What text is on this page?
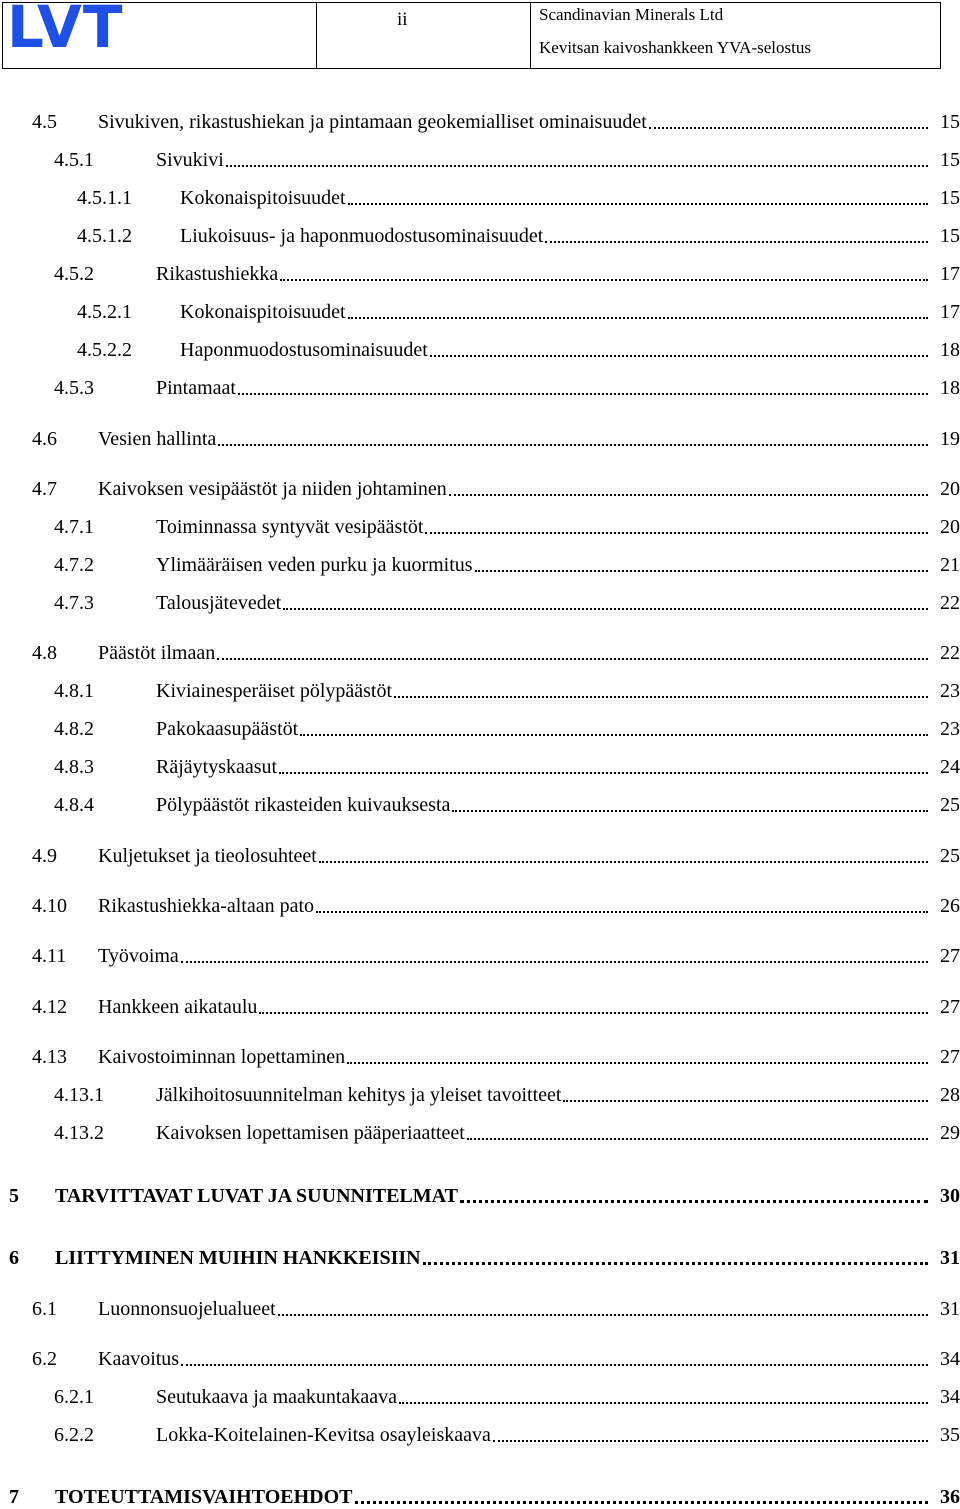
LVT	ii	Scandinavian Minerals Ltd
Kevitsan kaivoshankkeen YVA-selostus
4.5 Sivukiven, rikastushiekan ja pintamaan geokemialliset ominaisuudet	15
4.5.1	Sivukivi	15
4.5.1.1 Kokonaispitoisuudet	15
4.5.1.2 Liukoisuus- ja haponmuodostusominaisuudet	15
4.5.2	Rikastushiekka	17
4.5.2.1 Kokonaispitoisuudet	17
4.5.2.2 Haponmuodostusominaisuudet	18
4.5.3	Pintamaat	18
4.6 Vesien hallinta	19
4.7 Kaivoksen vesipäästöt ja niiden johtaminen	20
4.7.1	Toiminnassa syntyvät vesipäästöt	20
4.7.2	Ylimääräisen veden purku ja kuormitus	21
4.7.3	Talousjätevedet	22
4.8 Päästöt ilmaan	22
4.8.1	Kiviainesperäiset pölypäästöt	23
4.8.2	Pakokaasupäästöt	23
4.8.3	Räjäytyskaasut	24
4.8.4	Pölypäästöt rikasteiden kuivauksesta	25
4.9 Kuljetukset ja tieolosuhteet	25
4.10 Rikastushiekka-altaan pato	26
4.11 Työvoima	27
4.12 Hankkeen aikataulu	27
4.13 Kaivostoiminnan lopettaminen	27
4.13.1	Jälkihoitosuunnitelman kehitys ja yleiset tavoitteet	28
4.13.2	Kaivoksen lopettamisen pääperiaatteet	29
5 TARVITTAVAT LUVAT JA SUUNNITELMAT	30
6 LIITTYMINEN MUIHIN HANKKEISIIN	31
6.1 Luonnonsuojelualueet	31
6.2 Kaavoitus	34
6.2.1	Seutukaava ja maakuntakaava	34
6.2.2	Lokka-Koitelainen-Kevitsa osayleiskaava	35
7 TOTEUTTAMISVAIHTOEHDOT	36
